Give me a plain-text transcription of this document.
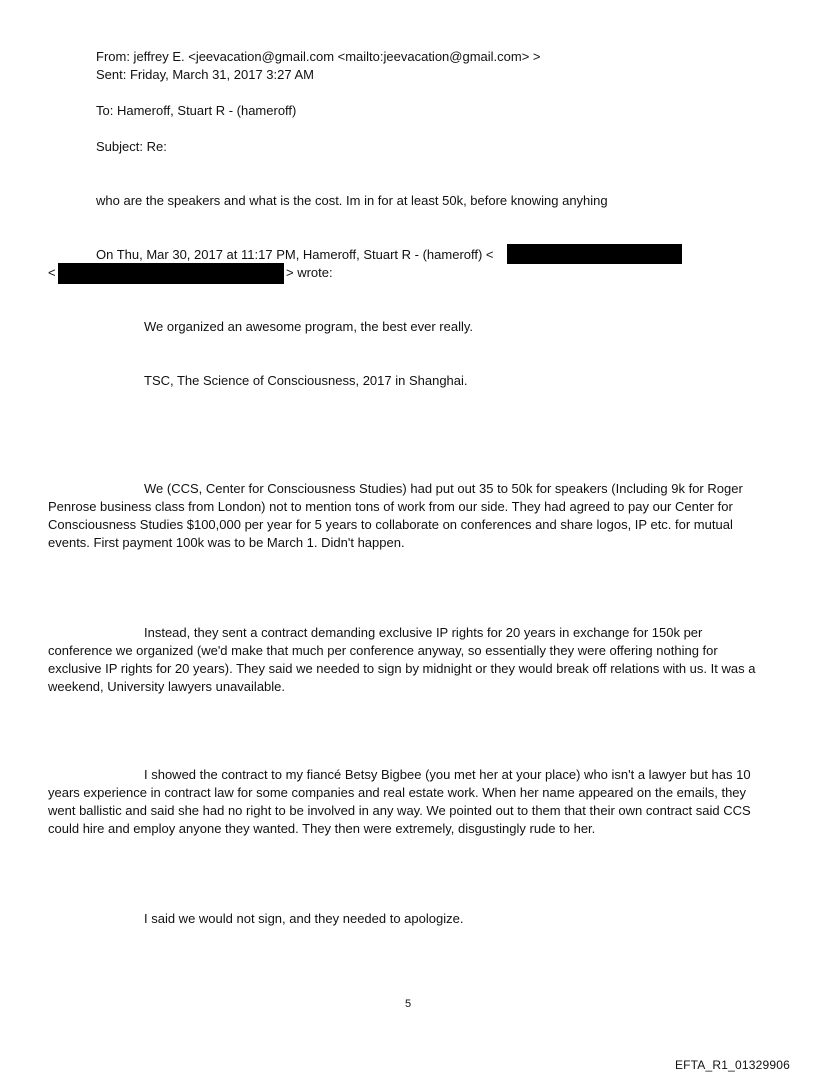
From: jeffrey E. <jeevacation@gmail.com <mailto:jeevacation@gmail.com> >
Sent: Friday, March 31, 2017 3:27 AM
To: Hameroff, Stuart R - (hameroff)
Subject: Re:
who are the speakers and what is the cost. Im in for at least 50k, before knowing anyhing
On Thu, Mar 30, 2017 at 11:17 PM, Hameroff, Stuart R - (hameroff) <
<	> wrote:
We organized an awesome program, the best ever really.
TSC, The Science of Consciousness, 2017 in Shanghai.

We (CCS, Center for Consciousness Studies) had put out 35 to 50k for speakers (Including 9k for Roger Penrose business class from London) not to mention tons of work from our side. They had agreed to pay our Center for Consciousness Studies $100,000 per year for 5 years to collaborate on conferences and share logos, IP etc. for mutual events. First payment 100k was to be March 1. Didn't happen.

Instead, they sent a contract demanding exclusive IP rights for 20 years in exchange for 150k per conference we organized (we'd make that much per conference anyway, so essentially they were offering nothing for exclusive IP rights for 20 years). They said we needed to sign by midnight or they would break off relations with us. It was a weekend, University lawyers unavailable.

I showed the contract to my fiancé Betsy Bigbee (you met her at your place) who isn't a lawyer but has 10 years experience in contract law for some companies and real estate work. When her name appeared on the emails, they went ballistic and said she had no right to be involved in any way. We pointed out to them that their own contract said CCS could hire and employ anyone they wanted. They then were extremely, disgustingly rude to her.

I said we would not sign, and they needed to apologize.
5
EFTA_R1_01329906
